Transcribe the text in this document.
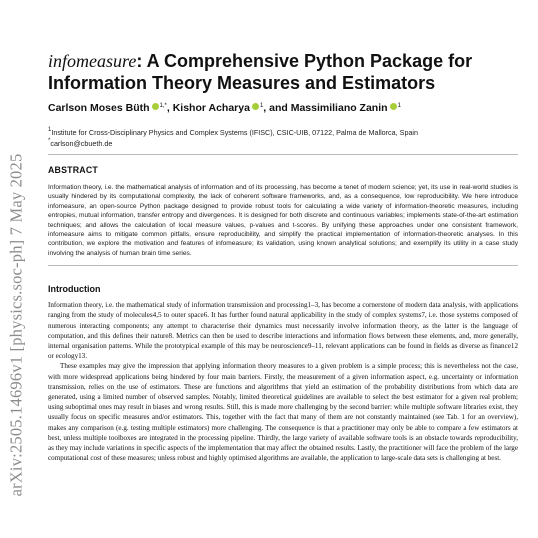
arXiv:2505.14696v1 [physics.soc-ph] 7 May 2025
infomeasure: A Comprehensive Python Package for Information Theory Measures and Estimators
Carlson Moses Büth $^{1,*}$, Kishor Acharya $^1$, and Massimiliano Zanin $^1$
$^1$Institute for Cross-Disciplinary Physics and Complex Systems (IFISC), CSIC-UIB, 07122, Palma de Mallorca, Spain
*carlson@cbueth.de
ABSTRACT
Information theory, i.e. the mathematical analysis of information and of its processing, has become a tenet of modern science; yet, its use in real-world studies is usually hindered by its computational complexity, the lack of coherent software frameworks, and, as a consequence, low reproducibility. We here introduce infomeasure, an open-source Python package designed to provide robust tools for calculating a wide variety of information-theoretic measures, including entropies, mutual information, transfer entropy and divergences. It is designed for both discrete and continuous variables; implements state-of-the-art estimation techniques; and allows the calculation of local measure values, p-values and t-scores. By unifying these approaches under one consistent framework, infomeasure aims to mitigate common pitfalls, ensure reproducibility, and simplify the practical implementation of information-theoretic analyses. In this contribution, we explore the motivation and features of infomeasure; its validation, using known analytical solutions; and exemplify its utility in a case study involving the analysis of human brain time series.
Introduction

Information theory, i.e. the mathematical study of information transmission and processing1–3, has become a cornerstone of modern data analysis, with applications ranging from the study of molecules4,5 to outer space6. It has further found natural applicability in the study of complex systems7, i.e. those systems composed of numerous interacting components; any attempt to characterise their dynamics must necessarily involve information theory, as the latter is the language of computation, and this defines their nature8. Metrics can then be used to describe interactions and information flows between these elements, and, more generally, internal organisation patterns. While the prototypical example of this may be neuroscience9–11, relevant applications can be found in fields as diverse as finance12 or ecology13.

These examples may give the impression that applying information theory measures to a given problem is a simple process; this is nevertheless not the case, with more widespread applications being hindered by four main barriers. Firstly, the measurement of a given information aspect, e.g. uncertainty or information transmission, relies on the use of estimators. These are functions and algorithms that yield an estimation of the probability distributions from which data are generated, using a limited number of observed samples. Notably, limited theoretical guidelines are available to select the best estimator for a given real problem; using suboptimal ones may result in biases and wrong results. Still, this is made more challenging by the second barrier: while multiple software libraries exist, they usually focus on specific measures and/or estimators. This, together with the fact that many of them are not constantly maintained (see Tab. 1 for an overview), makes any comparison (e.g. testing multiple estimators) more challenging. The consequence is that a practitioner may only be able to compare a few estimators at best, unless multiple toolboxes are integrated in the processing pipeline. Thirdly, the large variety of available software tools is an obstacle towards reproducibility, as they may include variations in specific aspects of the implementation that may affect the obtained results. Lastly, the practitioner will face the problem of the large computational cost of these measures; unless robust and highly optimised algorithms are available, the application to large-scale data sets is challenging at best.
